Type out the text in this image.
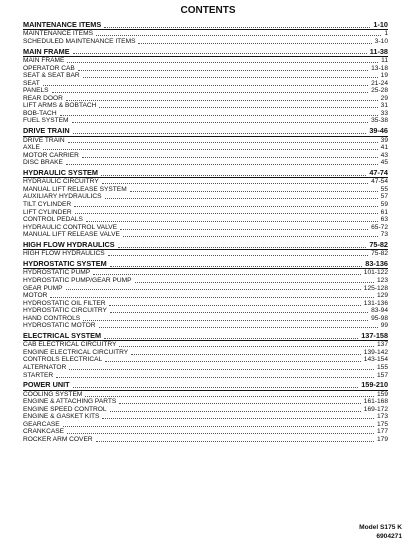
CONTENTS
MAINTENANCE ITEMS	1-10
MAINTENANCE ITEMS	1
SCHEDULED MAINTENANCE ITEMS	3-10
MAIN FRAME	11-38
MAIN FRAME	11
OPERATOR CAB	13-18
SEAT & SEAT BAR	19
SEAT	21-24
PANELS	25-28
REAR DOOR	29
LIFT ARMS & BOBTACH	31
BOB-TACH	33
FUEL SYSTEM	35-38
DRIVE TRAIN	39-46
DRIVE TRAIN	39
AXLE	41
MOTOR CARRIER	43
DISC BRAKE	45
HYDRAULIC SYSTEM	47-74
HYDRAULIC CIRCUITRY	47-54
MANUAL LIFT RELEASE SYSTEM	55
AUXILIARY HYDRAULICS	57
TILT CYLINDER	59
LIFT CYLINDER	61
CONTROL PEDALS	63
HYDRAULIC CONTROL VALVE	65-72
MANUAL LIFT RELEASE VALVE	73
HIGH FLOW HYDRAULICS	75-82
HIGH FLOW HYDRAULICS	75-82
HYDROSTATIC SYSTEM	83-136
HYDROSTATIC PUMP	101-122
HYDROSTATIC PUMP/GEAR PUMP	123
GEAR PUMP	125-128
MOTOR	129
HYDROSTATIC OIL FILTER	131-136
HYDROSTATIC CIRCUITRY	83-94
HAND CONTROLS	95-98
HYDROSTATIC MOTOR	99
ELECTRICAL SYSTEM	137-158
CAB ELECTRICAL CIRCUITRY	137
ENGINE ELECTRICAL CIRCUITRY	139-142
CONTROLS ELECTRICAL	143-154
ALTERNATOR	155
STARTER	157
POWER UNIT	159-210
COOLING SYSTEM	159
ENGINE & ATTACHING PARTS	161-168
ENGINE SPEED CONTROL	169-172
ENGINE & GASKET KITS	173
GEARCASE	175
CRANKCASE	177
ROCKER ARM COVER	179
Model S175 K
6904271
